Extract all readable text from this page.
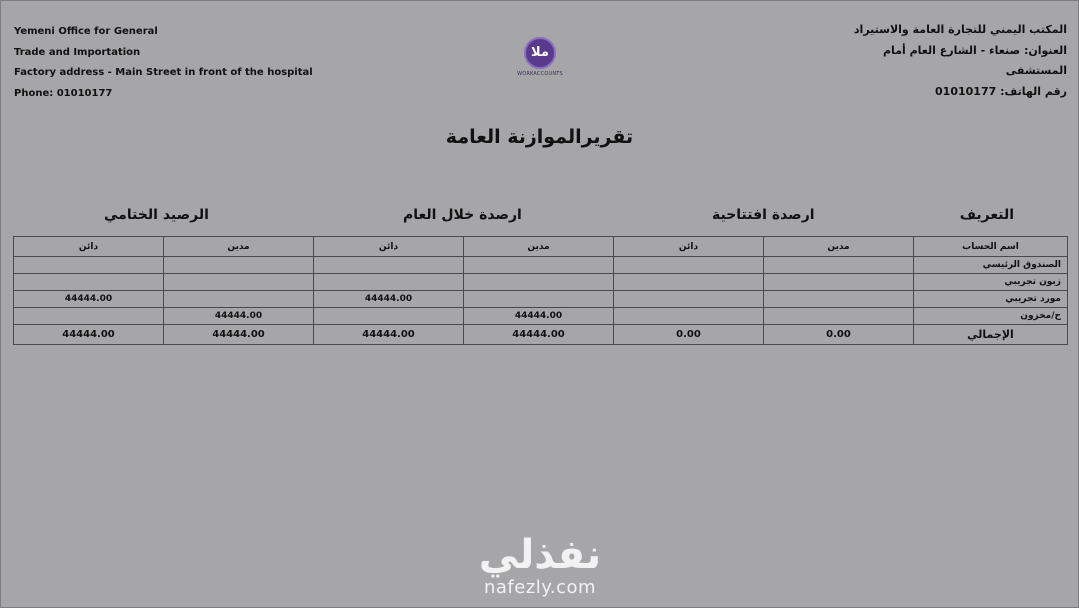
Yemeni Office for General
Trade and Importation
Factory address - Main Street in front of the hospital
Phone: 01010177
ملا
WORKACCOUNTS
المكتب اليمني للتجارة العامة والاستيراد
العنوان: صنعاء - الشارع العام أمام
المستشفى
رقم الهاتف: 01010177
تقريرالموازنة العامة
التعريف
ارصدة افتتاحية
ارصدة خلال العام
الرصيد الختامي
دائن	مدين	دائن	مدين	دائن	مدين	اسم الحساب
						الصندوق الرئيسي
						زبون تجريبي
44444.00		44444.00				مورد تجريبي
	44444.00		44444.00			ح/مخزون
44444.00	44444.00	44444.00	44444.00	0.00	0.00	الإجمالي
نفذلي
nafezly.com
